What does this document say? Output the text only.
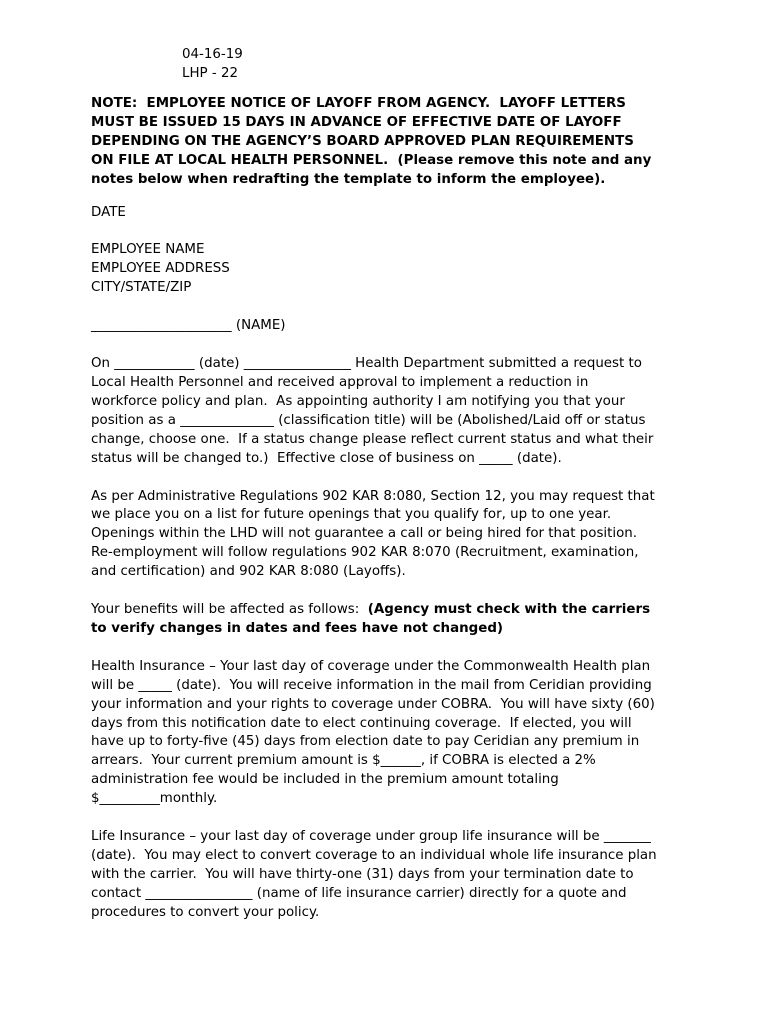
04-16-19
LHP - 22
NOTE:  EMPLOYEE NOTICE OF LAYOFF FROM AGENCY.  LAYOFF LETTERS
MUST BE ISSUED 15 DAYS IN ADVANCE OF EFFECTIVE DATE OF LAYOFF
DEPENDING ON THE AGENCY’S BOARD APPROVED PLAN REQUIREMENTS
ON FILE AT LOCAL HEALTH PERSONNEL.  (Please remove this note and any
notes below when redrafting the template to inform the employee).

DATE

EMPLOYEE NAME
EMPLOYEE ADDRESS
CITY/STATE/ZIP

_____________________ (NAME)

On ____________ (date) ________________ Health Department submitted a request to
Local Health Personnel and received approval to implement a reduction in
workforce policy and plan.  As appointing authority I am notifying you that your
position as a ______________ (classification title) will be (Abolished/Laid off or status
change, choose one.  If a status change please reflect current status and what their
status will be changed to.)  Effective close of business on _____ (date).

As per Administrative Regulations 902 KAR 8:080, Section 12, you may request that
we place you on a list for future openings that you qualify for, up to one year.
Openings within the LHD will not guarantee a call or being hired for that position.
Re-employment will follow regulations 902 KAR 8:070 (Recruitment, examination,
and certification) and 902 KAR 8:080 (Layoffs).

Your benefits will be affected as follows:  (Agency must check with the carriers
to verify changes in dates and fees have not changed)

Health Insurance – Your last day of coverage under the Commonwealth Health plan
will be _____ (date).  You will receive information in the mail from Ceridian providing
your information and your rights to coverage under COBRA.  You will have sixty (60)
days from this notification date to elect continuing coverage.  If elected, you will
have up to forty-five (45) days from election date to pay Ceridian any premium in
arrears.  Your current premium amount is $______, if COBRA is elected a 2%
administration fee would be included in the premium amount totaling
$_________monthly.

Life Insurance – your last day of coverage under group life insurance will be _______
(date).  You may elect to convert coverage to an individual whole life insurance plan
with the carrier.  You will have thirty-one (31) days from your termination date to
contact ________________ (name of life insurance carrier) directly for a quote and
procedures to convert your policy.
